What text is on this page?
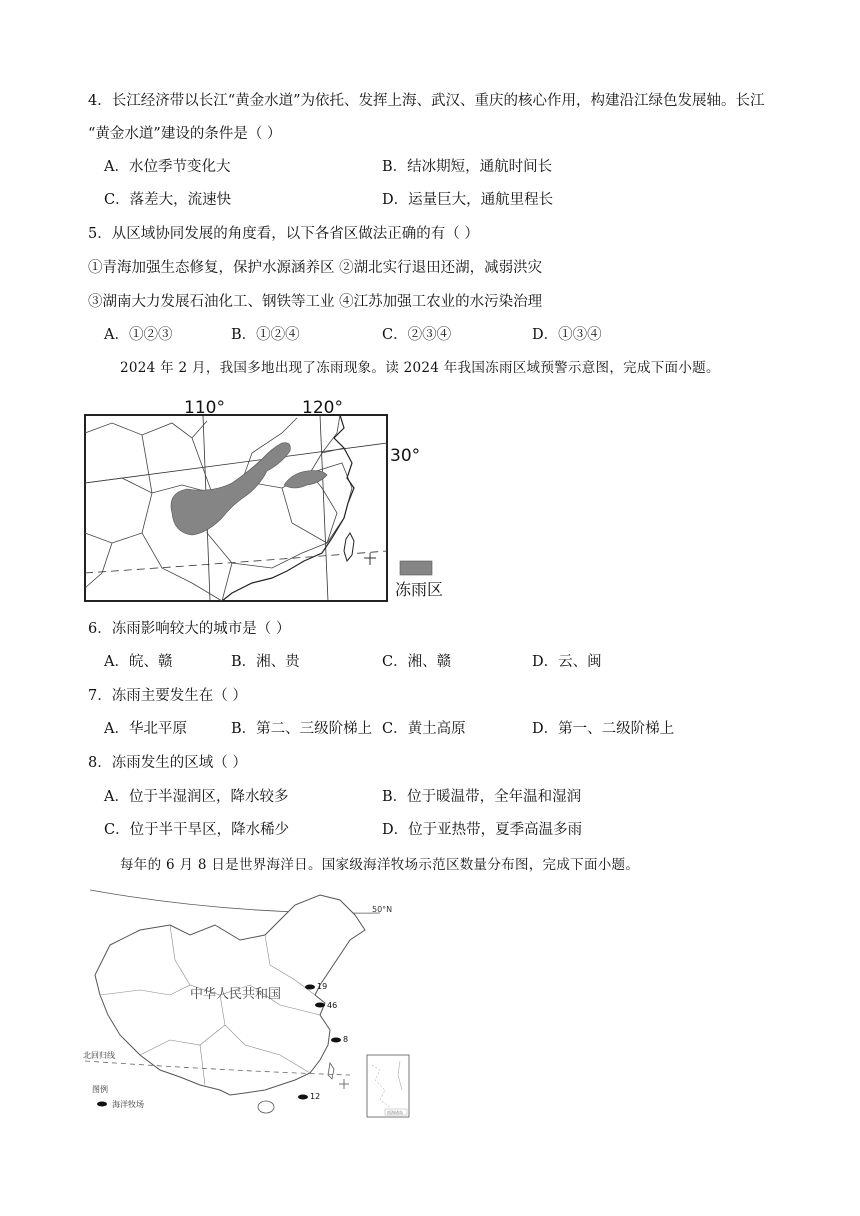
4．长江经济带以长江“黄金水道”为依托、发挥上海、武汉、重庆的核心作用，构建沿江绿色发展轴。长江
“黄金水道”建设的条件是（ ）
A．水位季节变化大	B．结冰期短，通航时间长
C．落差大，流速快	D．运量巨大，通航里程长
5．从区域协同发展的角度看，以下各省区做法正确的有（ ）
①青海加强生态修复，保护水源涵养区 ②湖北实行退田还湖，减弱洪灾
③湖南大力发展石油化工、钢铁等工业 ④江苏加强工农业的水污染治理
A．①②③	B．①②④	C．②③④	D．①③④
2024 年 2 月，我国多地出现了冻雨现象。读 2024 年我国冻雨区域预警示意图，完成下面小题。
110°	120°
30°
冻雨区
6．冻雨影响较大的城市是（ ）
A．皖、赣	B．湘、贵	C．湘、赣	D．云、闽
7．冻雨主要发生在（ ）
A．华北平原	B．第二、三级阶梯上 C．黄土高原	D．第一、二级阶梯上
8．冻雨发生的区域（ ）
A．位于半湿润区，降水较多	B．位于暖温带，全年温和湿润
C．位于半干旱区，降水稀少	D．位于亚热带，夏季高温多雨
每年的 6 月 8 日是世界海洋日。国家级海洋牧场示范区数量分布图，完成下面小题。
50°N
中华人民共和国
北回归线
19
46
8
12
图例
海洋牧场
南海诸岛
